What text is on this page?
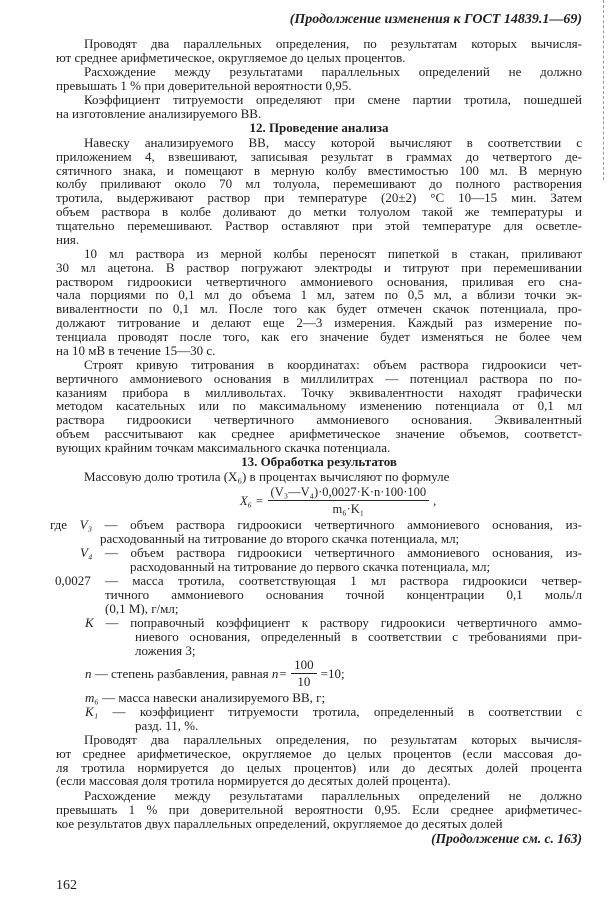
(Продолжение изменения к ГОСТ 14839.1—69)
Проводят два параллельных определения, по результатам которых вычисля-
ют среднее арифметическое, округляемое до целых процентов.
Расхождение между результатами параллельных определений не должно
превышать 1 % при доверительной вероятности 0,95.
Коэффициент титруемости определяют при смене партии тротила, пошедшей
на изготовление анализируемого ВВ.
12. Проведение анализа
Навеску анализируемого ВВ, массу которой вычисляют в соответствии с
приложением 4, взвешивают, записывая результат в граммах до четвертого де-
сятичного знака, и помещают в мерную колбу вместимостью 100 мл. В мерную
колбу приливают около 70 мл толуола, перемешивают до полного растворения
тротила, выдерживают раствор при температуре (20±2) °С 10—15 мин. Затем
объем раствора в колбе доливают до метки толуолом такой же температуры и
тщательно перемешивают. Раствор оставляют при этой температуре для осветле-
ния.
10 мл раствора из мерной колбы переносят пипеткой в стакан, приливают
30 мл ацетона. В раствор погружают электроды и титруют при перемешивании
раствором гидроокиси четвертичного аммониевого основания, приливая его сна-
чала порциями по 0,1 мл до объема 1 мл, затем по 0,5 мл, а вблизи точки эк-
вивалентности по 0,1 мл. После того как будет отмечен скачок потенциала, про-
должают титрование и делают еще 2—3 измерения. Каждый раз измерение по-
тенциала проводят после того, как его значение будет изменяться не более чем
на 10 мВ в течение 15—30 с.
Строят кривую титрования в координатах: объем раствора гидроокиси чет-
вертичного аммониевого основания в миллилитрах — потенциал раствора по по-
казаниям прибора в милливольтах. Точку эквивалентности находят графически
методом касательных или по максимальному изменению потенциала от 0,1 мл
раствора гидроокиси четвертичного аммониевого основания. Эквивалентный
объем рассчитывают как среднее арифметическое значение объемов, соответст-
вующих крайним точкам максимального скачка потенциала.
13. Обработка результатов
Массовую долю тротила (X₆) в процентах вычисляют по формуле
$X_6 = \frac{\text{(V₃—V₄)·0,0027·K·n·100·100}}{\text{m₆·K₁}}$ ,
где V₃ — объем раствора гидроокиси четвертичного аммониевого основания, из-
расходованный на титрование до второго скачка потенциала, мл;
V₄ — объем раствора гидроокиси четвертичного аммониевого основания, из-
расходованный на титрование до первого скачка потенциала, мл;
0,0027 — масса тротила, соответствующая 1 мл раствора гидроокиси четвер-
тичного аммониевого основания точной концентрации 0,1 моль/л
(0,1 М), г/мл;
K — поправочный коэффициент к раствору гидроокиси четвертичного аммо-
ниевого основания, определенный в соответствии с требованиями при-
ложения 3;
n
— степень разбавления, равная
$n= \frac{100}{10} =10$;
m₆ — масса навески анализируемого ВВ, г;
K₁ — коэффициент титруемости тротила, определенный в соответствии с
разд. 11, %.
Проводят два параллельных определения, по результатам которых вычисля-
ют среднее арифметическое, округляемое до целых процентов (если массовая до-
ля тротила нормируется до целых процентов) или до десятых долей процента
(если массовая доля тротила нормируется до десятых долей процента).
Расхождение между результатами параллельных определений не должно
превышать 1 % при доверительной вероятности 0,95. Если среднее арифметичес-
кое результатов двух параллельных определений, округляемое до десятых долей
(Продолжение см. с. 163)
162
